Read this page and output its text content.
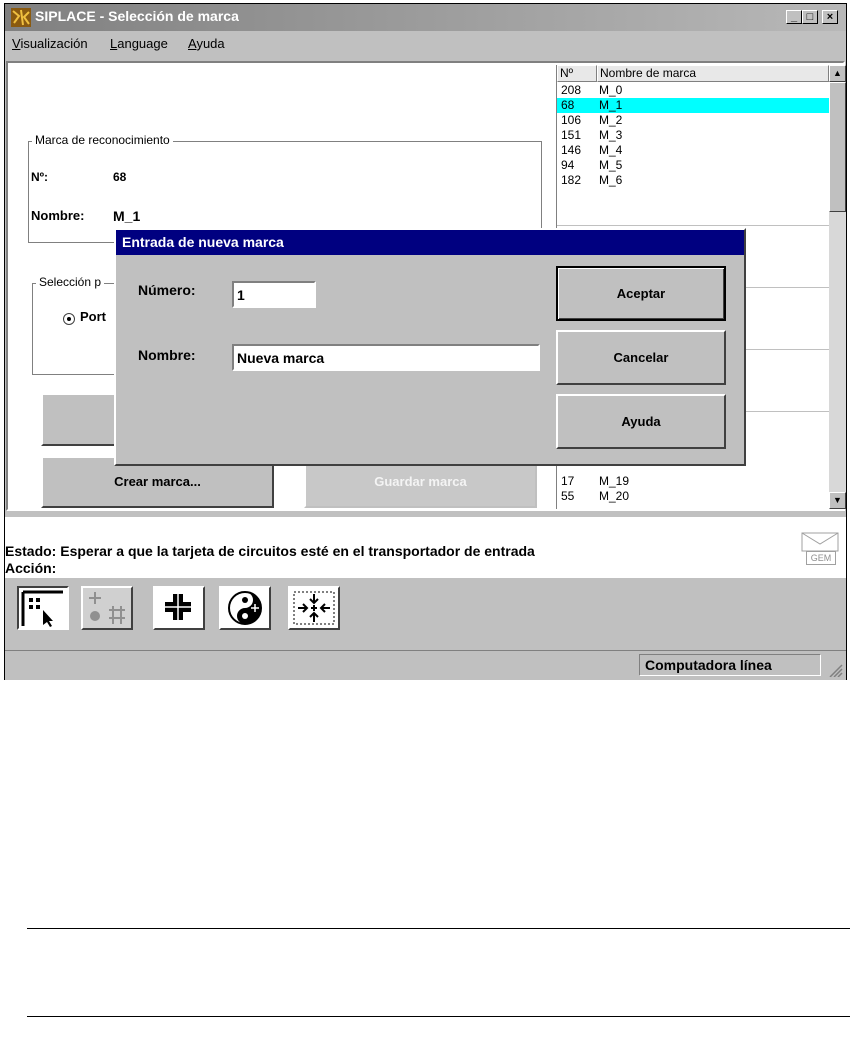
SIPLACE - Selección de marca	_ □	×
Visualización Language Ayuda
Marca de reconocimiento
Nº:	68
Nombre: M_1
Selección p
Port
Crear marca...	Guardar marca
Nº	Nombre de marca
208 M_0
68 M_1
106 M_2
151 M_3
146 M_4
94 M_5
182 M_6
17 M_19
55 M_20
▲
▼
Estado: Esperar a que la tarjeta de circuitos esté en el transportador de entrada
Acción:
GEM
Computadora línea
Entrada de nueva marca
Número:
1
Nombre:
Nueva marca
Aceptar
Cancelar
Ayuda
